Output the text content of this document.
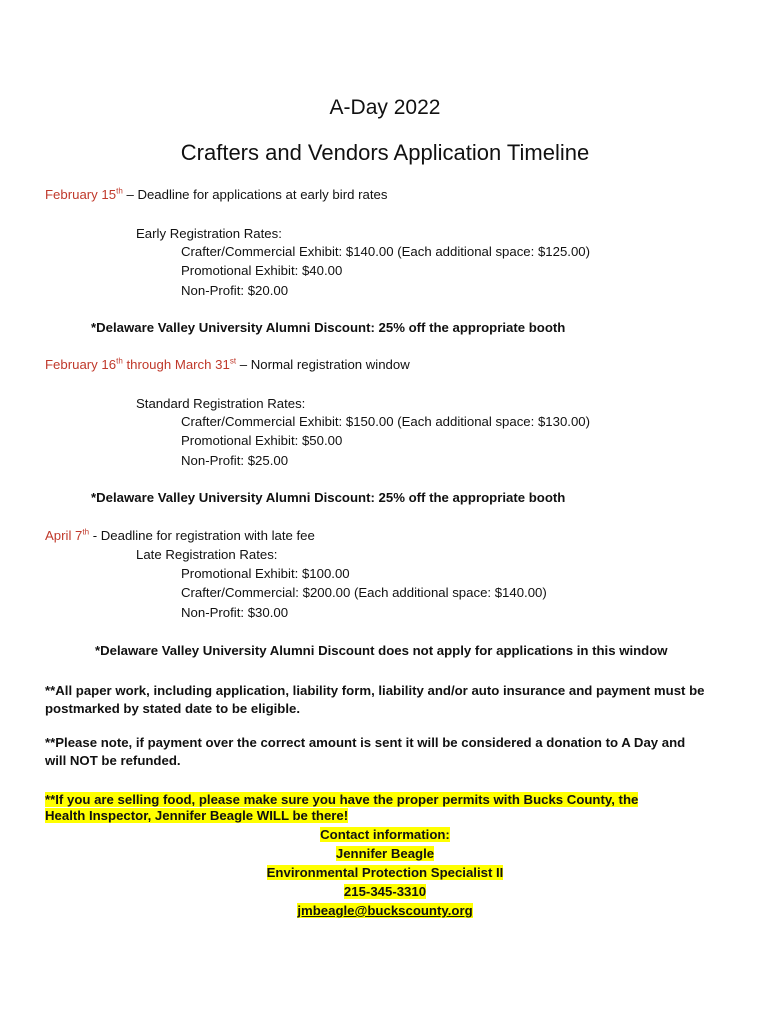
A-Day 2022
Crafters and Vendors Application Timeline
February 15th – Deadline for applications at early bird rates
Early Registration Rates:
Crafter/Commercial Exhibit: $140.00 (Each additional space: $125.00)
Promotional Exhibit: $40.00
Non-Profit: $20.00
*Delaware Valley University Alumni Discount: 25% off the appropriate booth
February 16th through March 31st – Normal registration window
Standard Registration Rates:
Crafter/Commercial Exhibit: $150.00 (Each additional space: $130.00)
Promotional Exhibit: $50.00
Non-Profit: $25.00
*Delaware Valley University Alumni Discount: 25% off the appropriate booth
April 7th - Deadline for registration with late fee
Late Registration Rates:
Promotional Exhibit: $100.00
Crafter/Commercial: $200.00 (Each additional space: $140.00)
Non-Profit: $30.00
*Delaware Valley University Alumni Discount does not apply for applications in this window
**All paper work, including application, liability form, liability and/or auto insurance and payment must be
postmarked by stated date to be eligible.
**Please note, if payment over the correct amount is sent it will be considered a donation to A Day and
will NOT be refunded.
**If you are selling food, please make sure you have the proper permits with Bucks County, the
Health Inspector, Jennifer Beagle WILL be there!
Contact information:
Jennifer Beagle
Environmental Protection Specialist II
215-345-3310
jmbeagle@buckscounty.org
